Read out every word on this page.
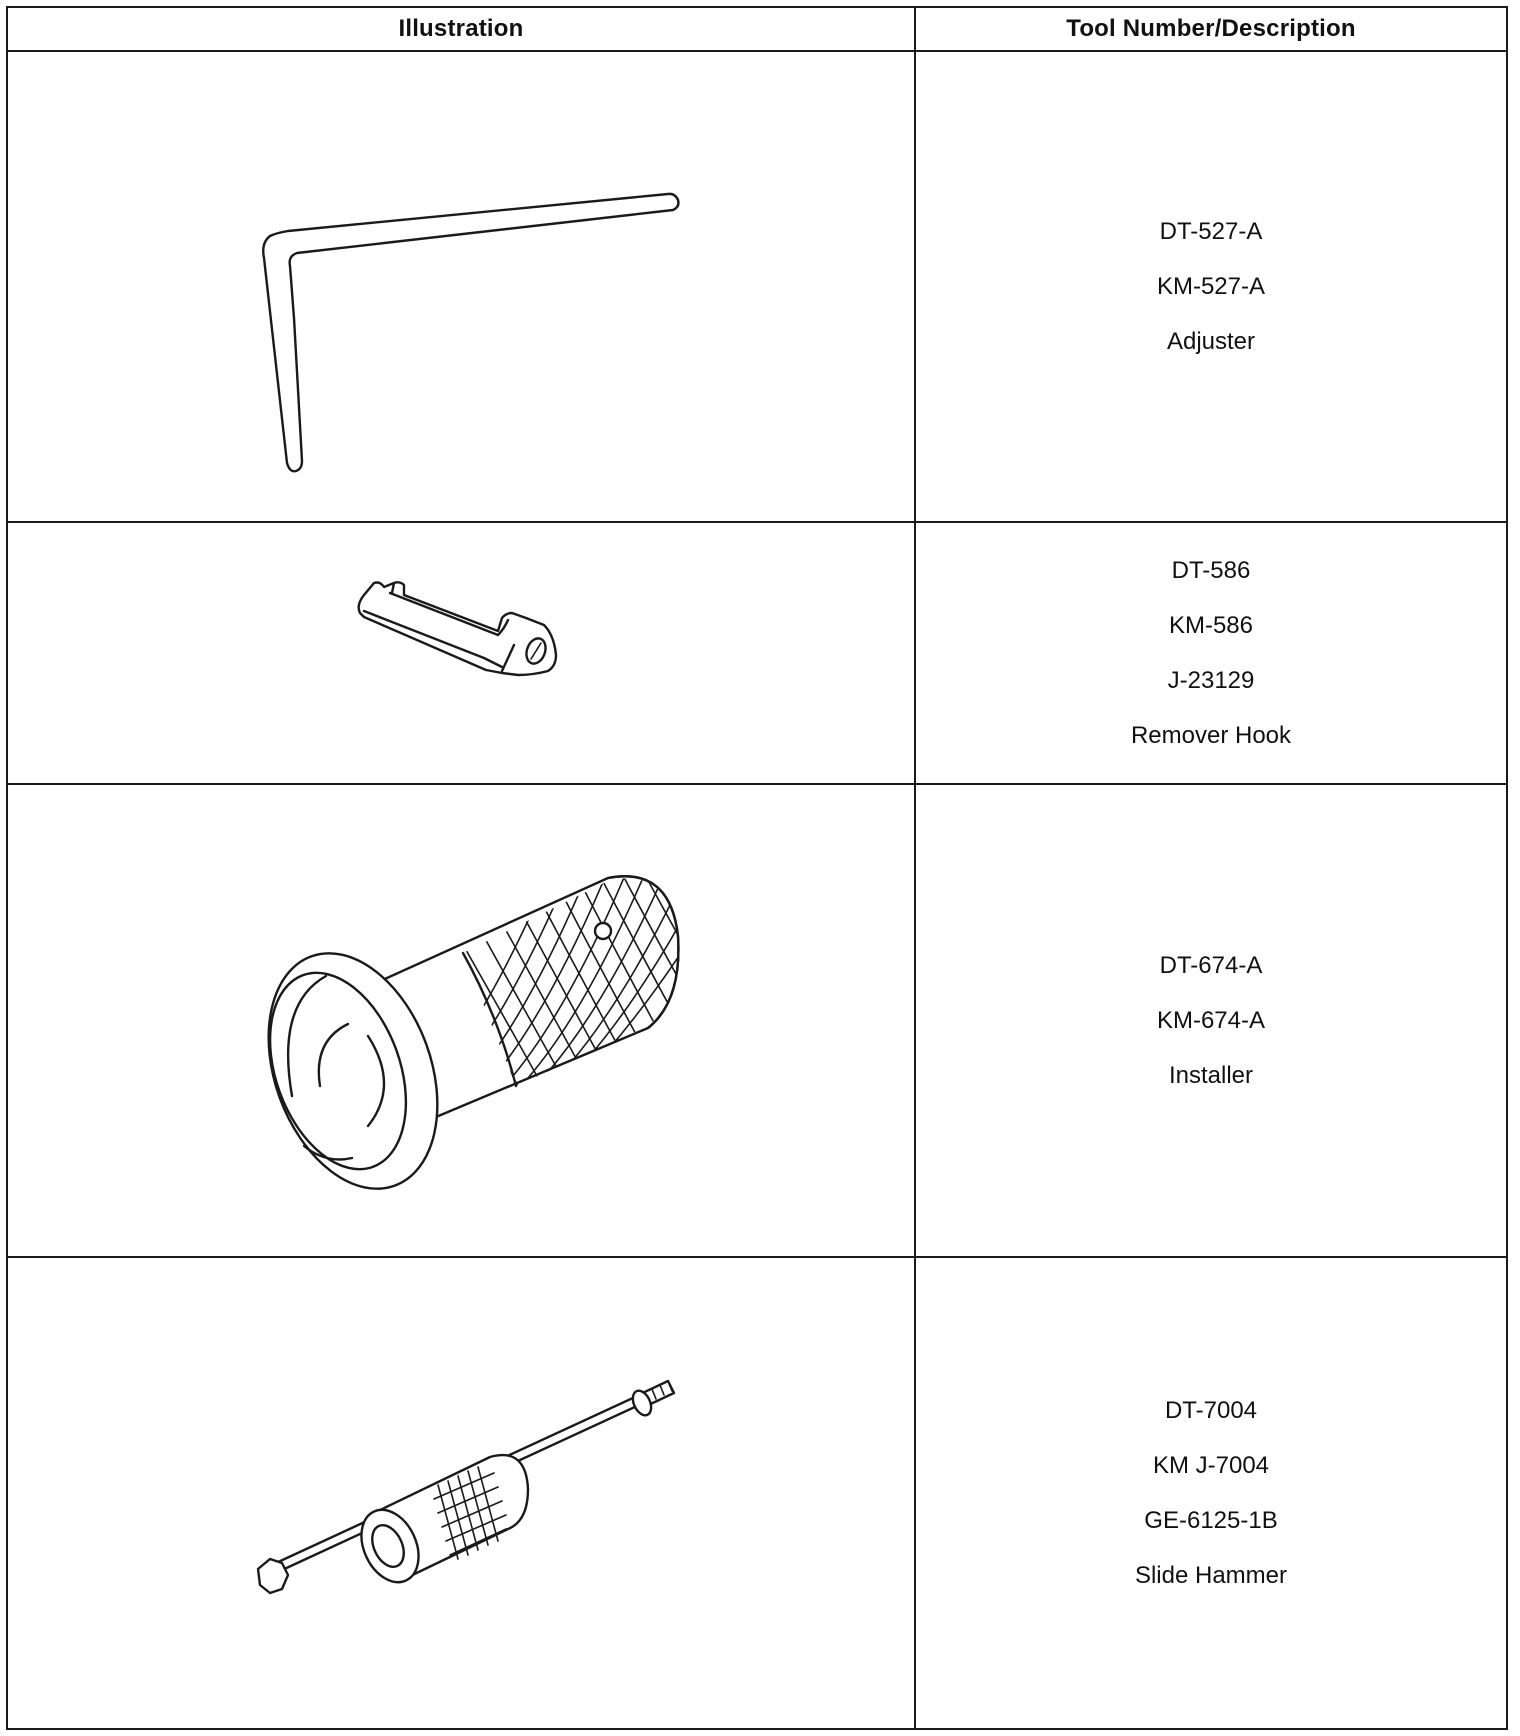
Illustration	Tool Number/Description

DT-527-A
KM-527-A
Adjuster

DT-586
KM-586
J-23129
Remover Hook

DT-674-A
KM-674-A
Installer

DT-7004
KM J-7004
GE-6125-1B
Slide Hammer
